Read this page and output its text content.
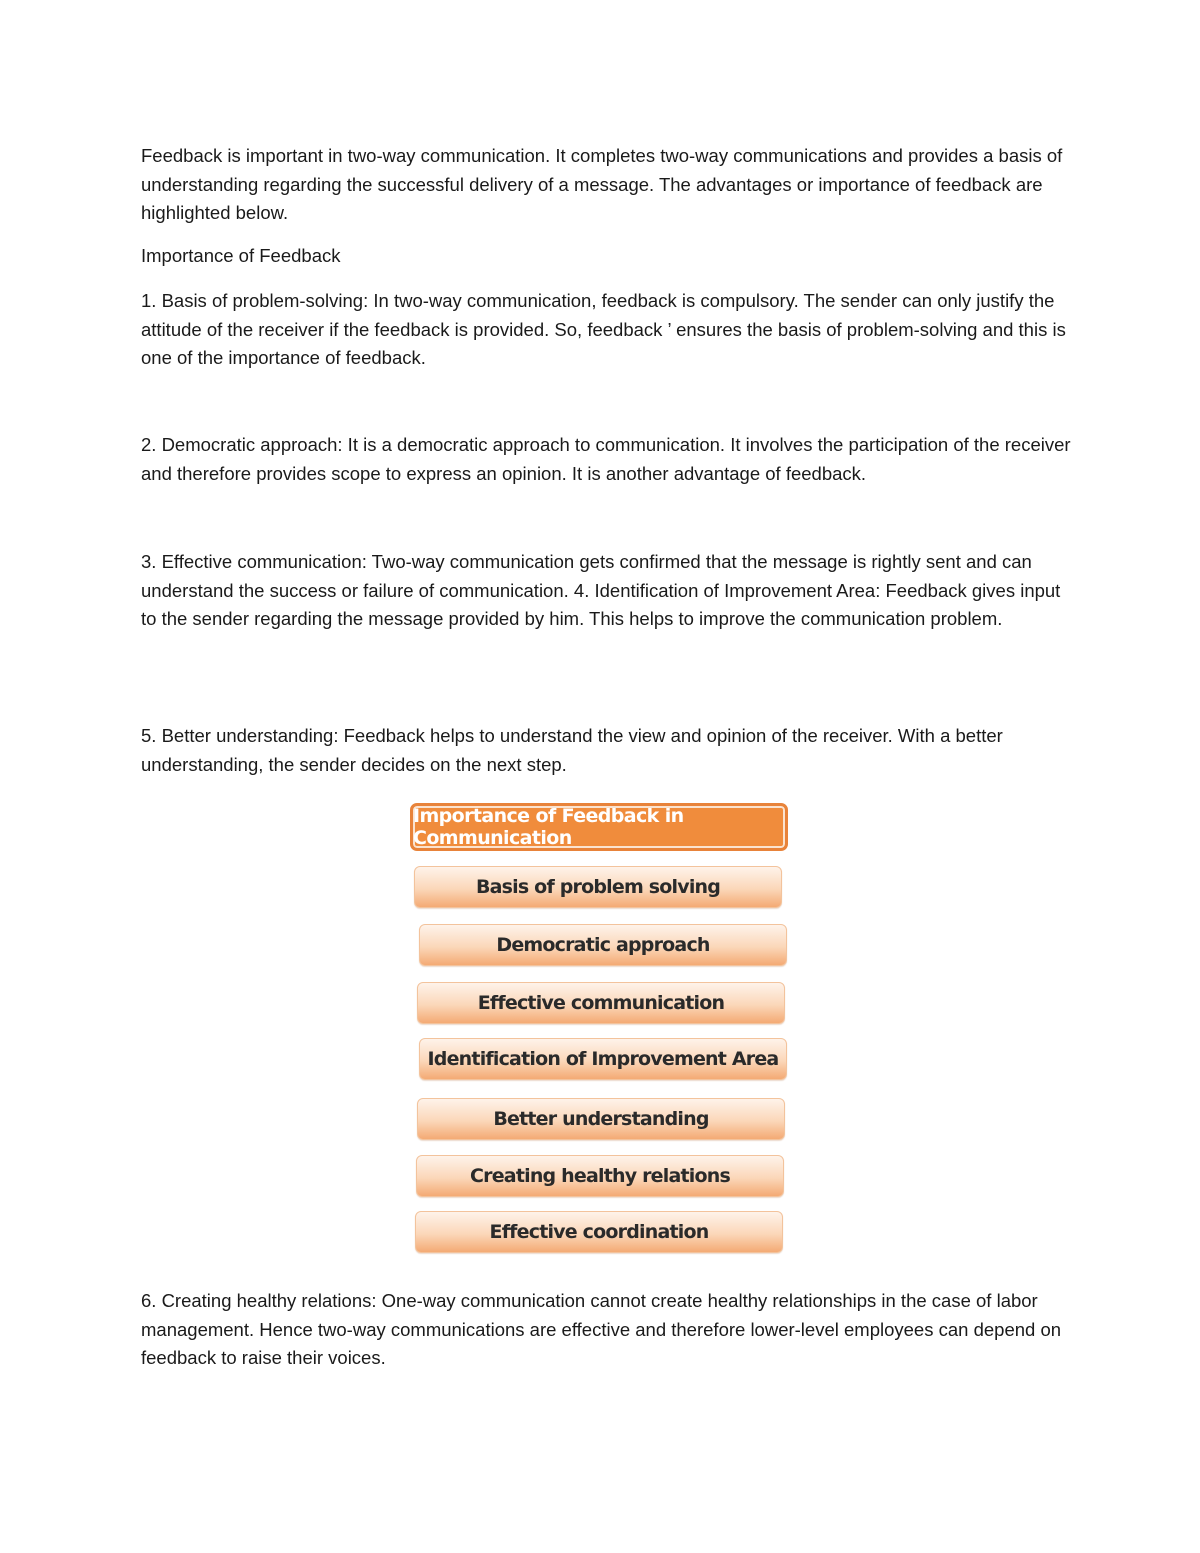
Feedback is important in two-way communication. It completes two-way communications and provides a basis of understanding regarding the successful delivery of a message. The advantages or importance of feedback are highlighted below.

Importance of Feedback

1. Basis of problem-solving: In two-way communication, feedback is compulsory. The sender can only justify the attitude of the receiver if the feedback is provided. So, feedback ’ ensures the basis of problem-solving and this is one of the importance of feedback.

2. Democratic approach: It is a democratic approach to communication. It involves the participation of the receiver and therefore provides scope to express an opinion. It is another advantage of feedback.

3. Effective communication: Two-way communication gets confirmed that the message is rightly sent and can understand the success or failure of communication. 4. Identification of Improvement Area: Feedback gives input to the sender regarding the message provided by him. This helps to improve the communication problem.

5. Better understanding: Feedback helps to understand the view and opinion of the receiver. With a better understanding, the sender decides on the next step.

Importance of Feedback in Communication
Basis of problem solving
Democratic approach
Effective communication
Identification of Improvement Area
Better understanding
Creating healthy relations
Effective coordination

6. Creating healthy relations: One-way communication cannot create healthy relationships in the case of labor management. Hence two-way communications are effective and therefore lower-level employees can depend on feedback to raise their voices.
